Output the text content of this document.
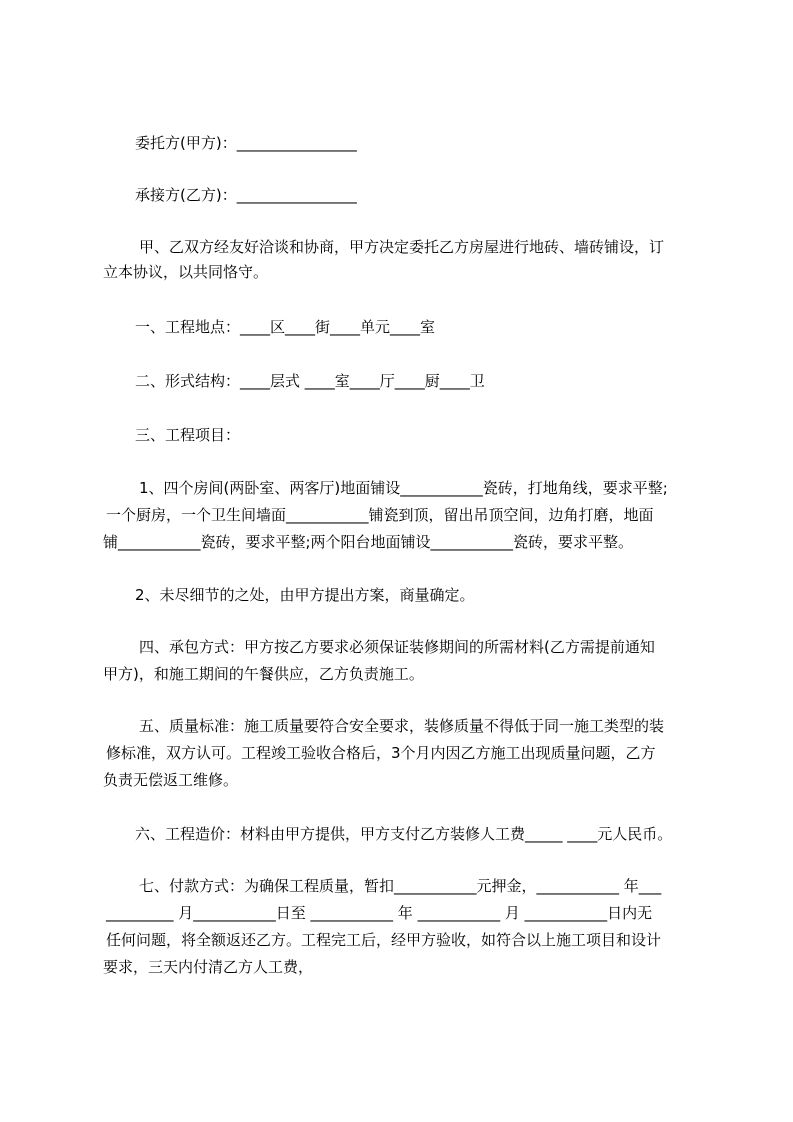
委托方(甲方)：________________
承接方(乙方)：________________
甲、乙双方经友好洽谈和协商，甲方决定委托乙方房屋进行地砖、墙砖铺设，订
立本协议，以共同恪守。
一、工程地点：____区____街____单元____室
二、形式结构：____层式 ____室____厅____厨____卫
三、工程项目：
1、四个房间(两卧室、两客厅)地面铺设___________瓷砖，打地角线，要求平整;
一个厨房，一个卫生间墙面___________铺瓷到顶，留出吊顶空间，边角打磨，地面
铺___________瓷砖，要求平整;两个阳台地面铺设___________瓷砖，要求平整。
2、未尽细节的之处，由甲方提出方案，商量确定。
四、承包方式：甲方按乙方要求必须保证装修期间的所需材料(乙方需提前通知
甲方)，和施工期间的午餐供应，乙方负责施工。
五、质量标准：施工质量要符合安全要求，装修质量不得低于同一施工类型的装
修标准，双方认可。工程竣工验收合格后，3个月内因乙方施工出现质量问题，乙方
负责无偿返工维修。
六、工程造价：材料由甲方提供，甲方支付乙方装修人工费_____ ____元人民币。
七、付款方式：为确保工程质量，暂扣___________元押金，___________ 年___
_________ 月___________日至 ___________ 年 ___________ 月 ___________日内无
任何问题，将全额返还乙方。工程完工后，经甲方验收，如符合以上施工项目和设计
要求，三天内付清乙方人工费，
